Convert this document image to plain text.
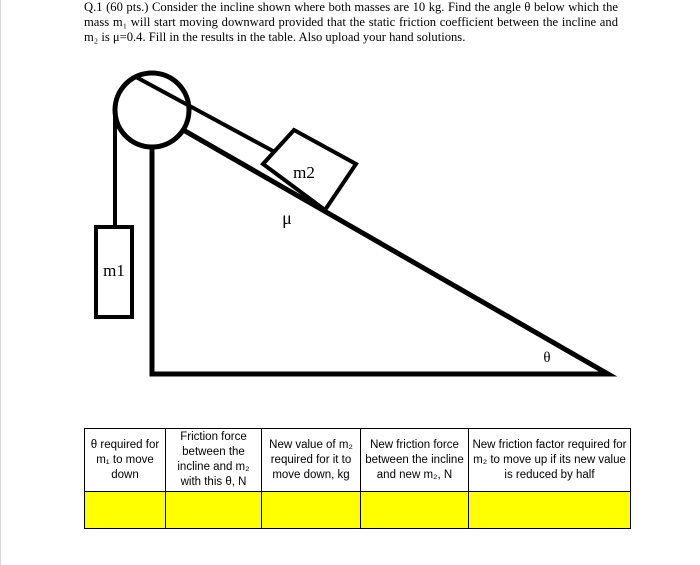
Q.1 (60 pts.) Consider the incline shown where both masses are 10 kg. Find the angle θ below which the mass m₁ will start moving downward provided that the static friction coefficient between the incline and m₂ is μ=0.4. Fill in the results in the table. Also upload your hand solutions.

m1
m2
μ
θ
θ required for m₁ to move down	Friction force between the incline and m₂ with this θ, N	New value of m₂ required for it to move down, kg	New friction force between the incline and new m₂, N	New friction factor required for m₂ to move up if its new value is reduced by half
